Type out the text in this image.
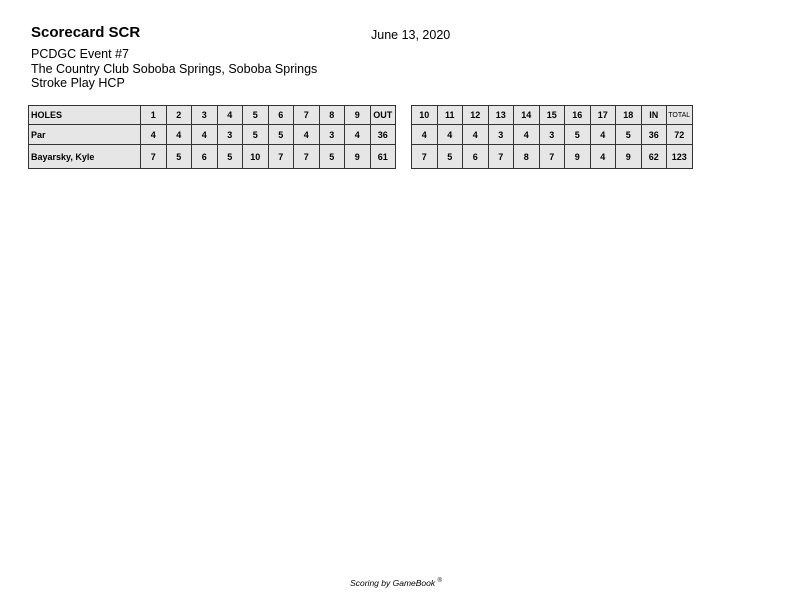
Scorecard SCR	June 13, 2020
PCDGC Event #7
The Country Club Soboba Springs, Soboba Springs
Stroke Play HCP
HOLES	1	2	3	4	5	6	7	8	9	OUT
Par	4	4	4	3	5	5	4	3	4	36
Bayarsky, Kyle	7	5	6	5	10	7	7	5	9	61
10	11	12	13	14	15	16	17	18	IN	TOTAL
4	4	4	3	4	3	5	4	5	36	72
7	5	6	7	8	7	9	4	9	62	123
Scoring by GameBook ®
